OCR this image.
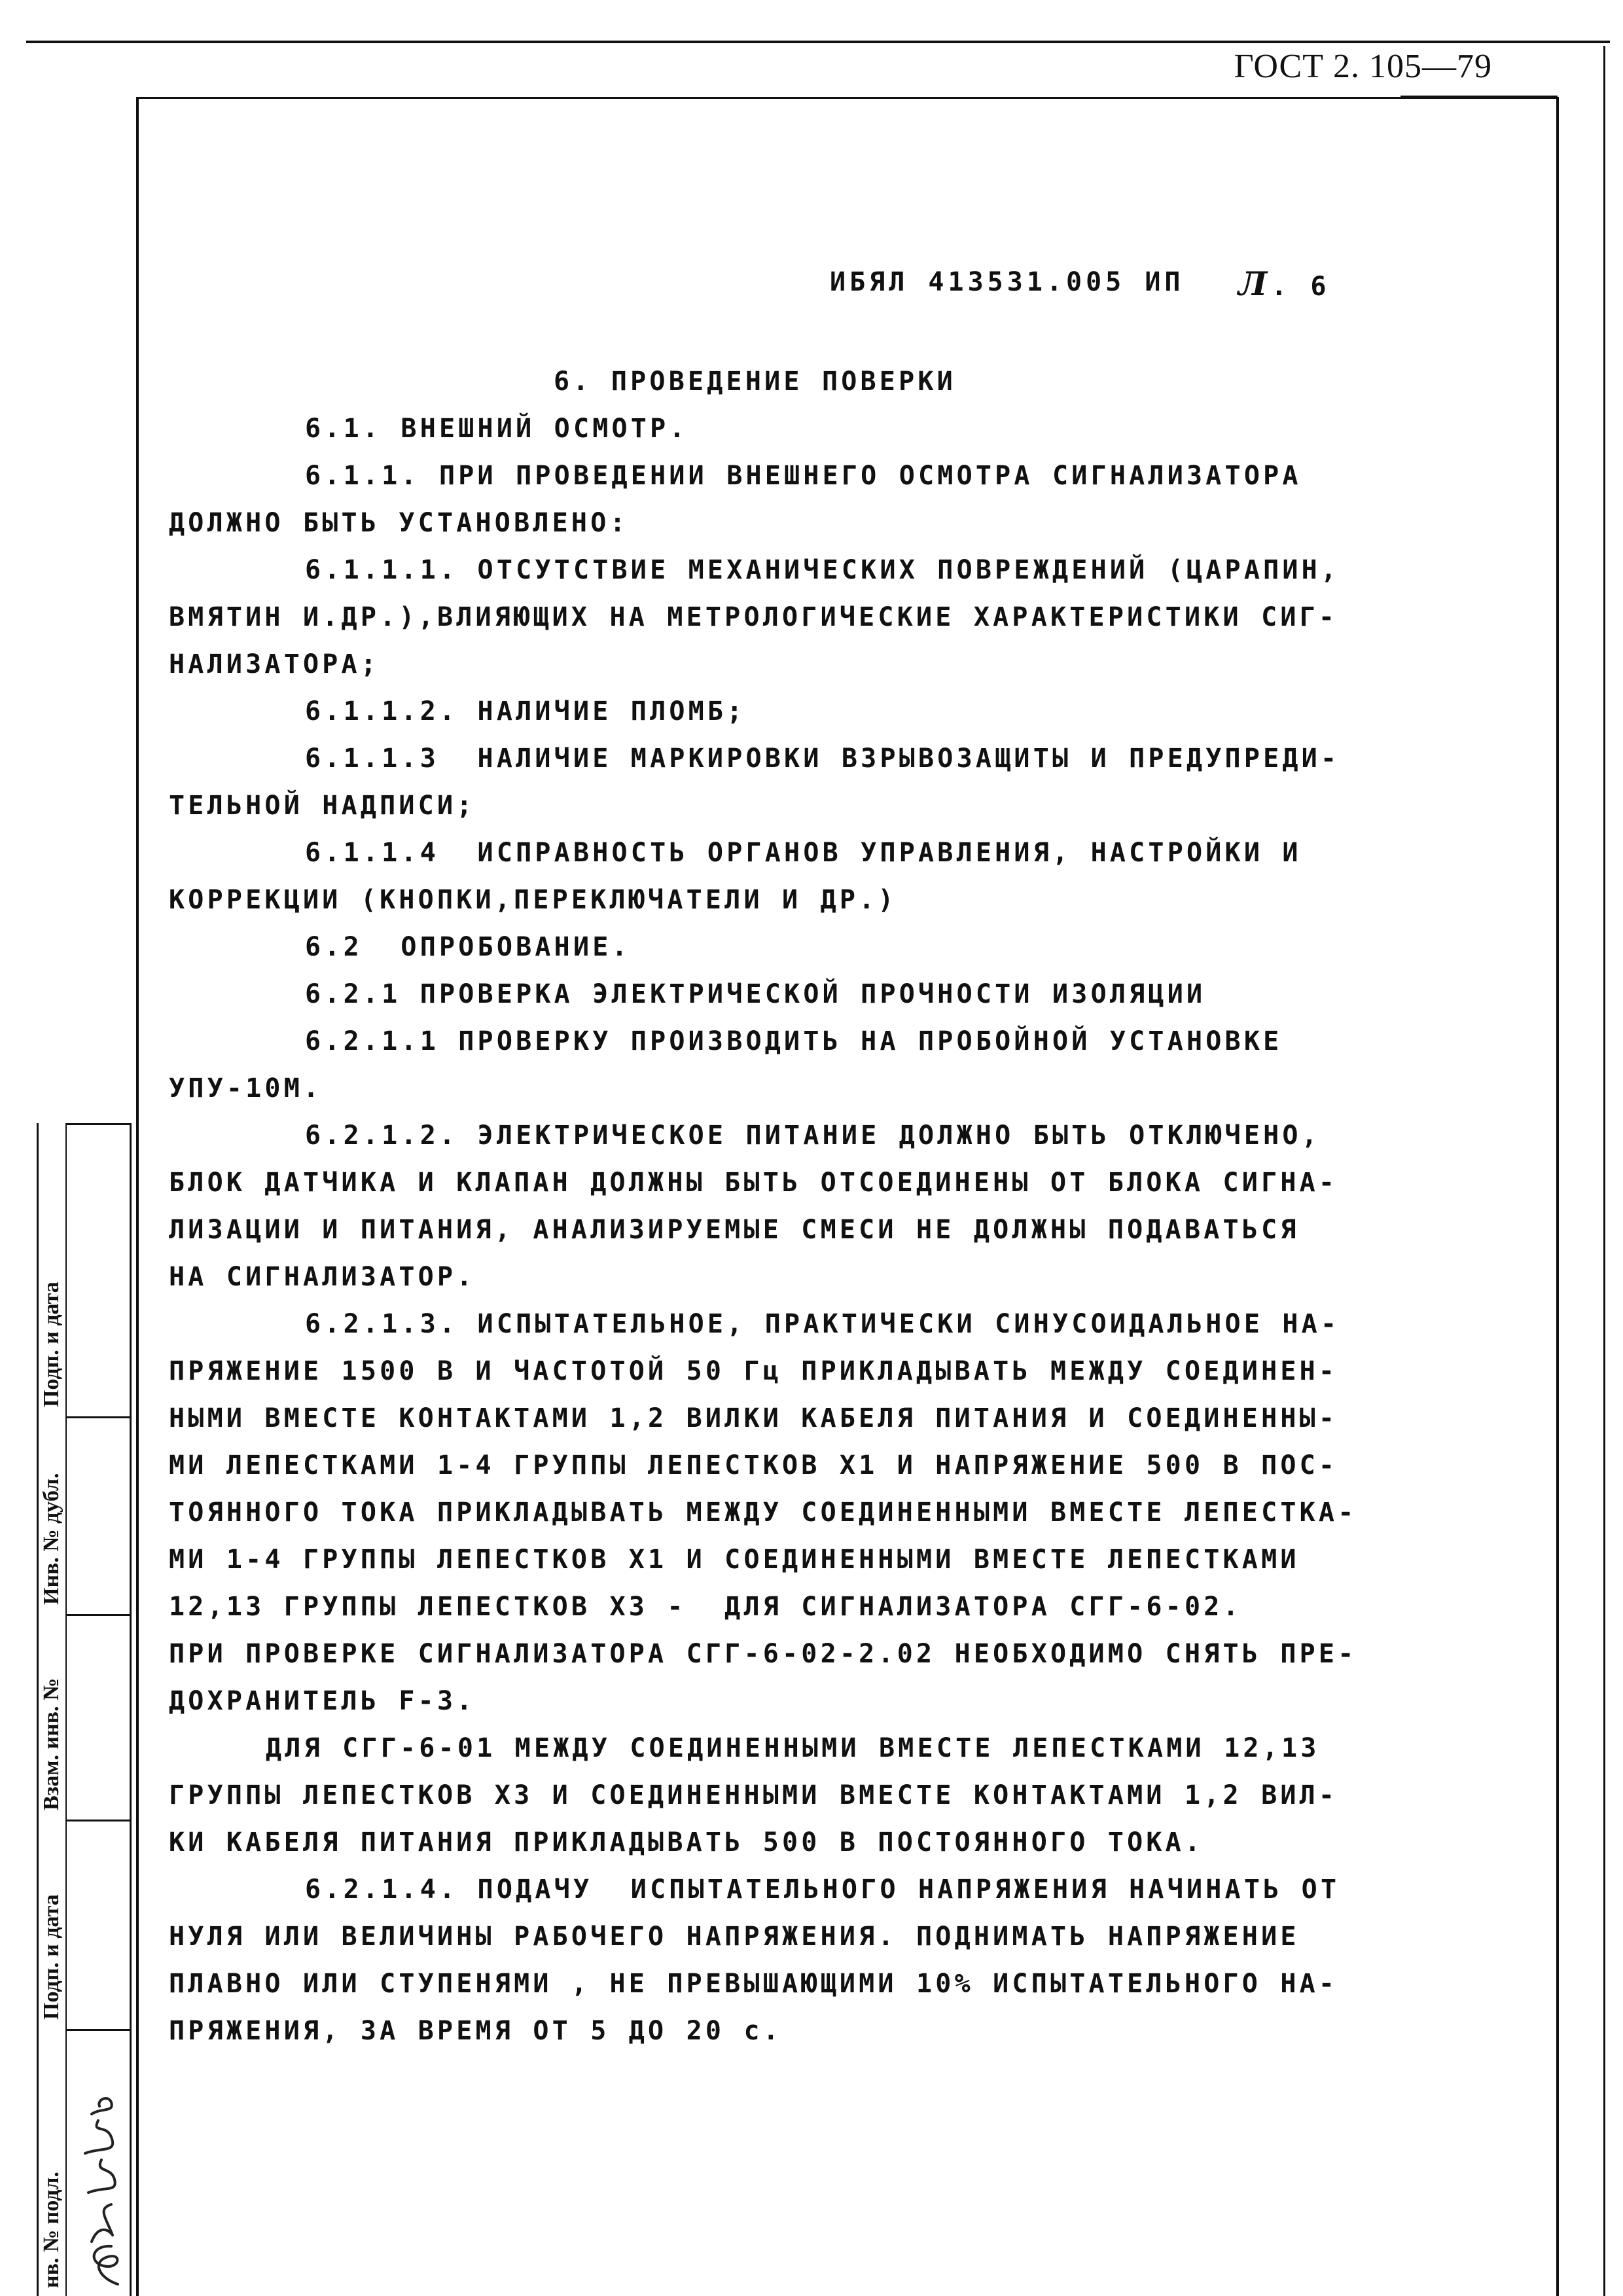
ГОСТ 2. 105—79
ИБЯЛ 413531.005 ИП Л. 6
6. ПРОВЕДЕНИЕ ПОВЕРКИ
6.1. ВНЕШНИЙ ОСМОТР.
6.1.1. ПРИ ПРОВЕДЕНИИ ВНЕШНЕГО ОСМОТРА СИГНАЛИЗАТОРА
ДОЛЖНО БЫТЬ УСТАНОВЛЕНО:
6.1.1.1. ОТСУТСТВИЕ МЕХАНИЧЕСКИХ ПОВРЕЖДЕНИЙ (ЦАРАПИН,
ВМЯТИН И.ДР.),ВЛИЯЮЩИХ НА МЕТРОЛОГИЧЕСКИЕ ХАРАКТЕРИСТИКИ СИГ-
НАЛИЗАТОРА;
6.1.1.2. НАЛИЧИЕ ПЛОМБ;
6.1.1.3  НАЛИЧИЕ МАРКИРОВКИ ВЗРЫВОЗАЩИТЫ И ПРЕДУПРЕДИ-
ТЕЛЬНОЙ НАДПИСИ;
6.1.1.4  ИСПРАВНОСТЬ ОРГАНОВ УПРАВЛЕНИЯ, НАСТРОЙКИ И
КОРРЕКЦИИ (КНОПКИ,ПЕРЕКЛЮЧАТЕЛИ И ДР.)
6.2  ОПРОБОВАНИЕ.
6.2.1 ПРОВЕРКА ЭЛЕКТРИЧЕСКОЙ ПРОЧНОСТИ ИЗОЛЯЦИИ
6.2.1.1 ПРОВЕРКУ ПРОИЗВОДИТЬ НА ПРОБОЙНОЙ УСТАНОВКЕ
УПУ-10М.
6.2.1.2. ЭЛЕКТРИЧЕСКОЕ ПИТАНИЕ ДОЛЖНО БЫТЬ ОТКЛЮЧЕНО,
БЛОК ДАТЧИКА И КЛАПАН ДОЛЖНЫ БЫТЬ ОТСОЕДИНЕНЫ ОТ БЛОКА СИГНА-
ЛИЗАЦИИ И ПИТАНИЯ, АНАЛИЗИРУЕМЫЕ СМЕСИ НЕ ДОЛЖНЫ ПОДАВАТЬСЯ
НА СИГНАЛИЗАТОР.
6.2.1.3. ИСПЫТАТЕЛЬНОЕ, ПРАКТИЧЕСКИ СИНУСОИДАЛЬНОЕ НА-
ПРЯЖЕНИЕ 1500 В И ЧАСТОТОЙ 50 Гц ПРИКЛАДЫВАТЬ МЕЖДУ СОЕДИНЕН-
НЫМИ ВМЕСТЕ КОНТАКТАМИ 1,2 ВИЛКИ КАБЕЛЯ ПИТАНИЯ И СОЕДИНЕННЫ-
МИ ЛЕПЕСТКАМИ 1-4 ГРУППЫ ЛЕПЕСТКОВ Х1 И НАПРЯЖЕНИЕ 500 В ПОС-
ТОЯННОГО ТОКА ПРИКЛАДЫВАТЬ МЕЖДУ СОЕДИНЕННЫМИ ВМЕСТЕ ЛЕПЕСТКА-
МИ 1-4 ГРУППЫ ЛЕПЕСТКОВ Х1 И СОЕДИНЕННЫМИ ВМЕСТЕ ЛЕПЕСТКАМИ
12,13 ГРУППЫ ЛЕПЕСТКОВ Х3 -  ДЛЯ СИГНАЛИЗАТОРА СГГ-6-02.
ПРИ ПРОВЕРКЕ СИГНАЛИЗАТОРА СГГ-6-02-2.02 НЕОБХОДИМО СНЯТЬ ПРЕ-
ДОХРАНИТЕЛЬ F-3.
ДЛЯ СГГ-6-01 МЕЖДУ СОЕДИНЕННЫМИ ВМЕСТЕ ЛЕПЕСТКАМИ 12,13
ГРУППЫ ЛЕПЕСТКОВ Х3 И СОЕДИНЕННЫМИ ВМЕСТЕ КОНТАКТАМИ 1,2 ВИЛ-
КИ КАБЕЛЯ ПИТАНИЯ ПРИКЛАДЫВАТЬ 500 В ПОСТОЯННОГО ТОКА.
6.2.1.4. ПОДАЧУ  ИСПЫТАТЕЛЬНОГО НАПРЯЖЕНИЯ НАЧИНАТЬ ОТ
НУЛЯ ИЛИ ВЕЛИЧИНЫ РАБОЧЕГО НАПРЯЖЕНИЯ. ПОДНИМАТЬ НАПРЯЖЕНИЕ
ПЛАВНО ИЛИ СТУПЕНЯМИ , НЕ ПРЕВЫШАЮЩИМИ 10% ИСПЫТАТЕЛЬНОГО НА-
ПРЯЖЕНИЯ, ЗА ВРЕМЯ ОТ 5 ДО 20 с.
Подп. и дата
Инв. № дубл.
Взам. инв. №
Подп. и дата
нв. № подл.
